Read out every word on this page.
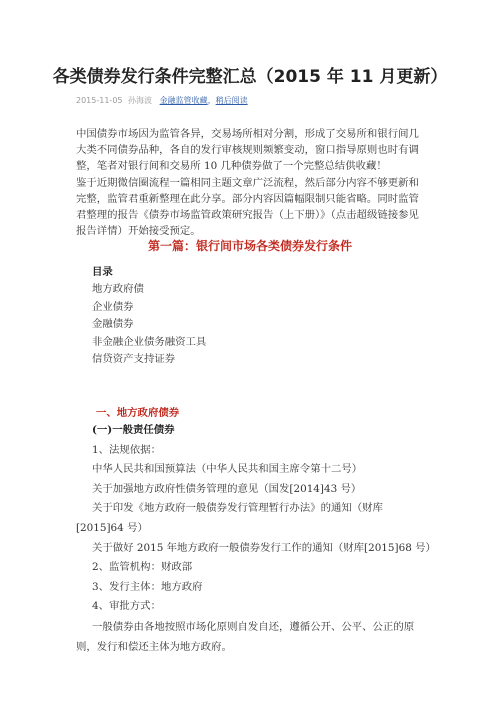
各类债券发行条件完整汇总（2015 年 11 月更新）
2015-11-05 孙海波 金融监管收藏，稍后阅读

中国债券市场因为监管各异，交易场所相对分割，形成了交易所和银行间几大类不同债券品种，各自的发行审核规则频繁变动，窗口指导原则也时有调整，笔者对银行间和交易所 10 几种债券做了一个完整总结供收藏！

鉴于近期微信圈流程一篇相同主题文章广泛流程，然后部分内容不够更新和完整，监管君重新整理在此分享。部分内容因篇幅限制只能省略。同时监管君整理的报告《债券市场监管政策研究报告（上下册）》（点击超级链接参见报告详情）开始接受预定。

第一篇：银行间市场各类债券发行条件
目录
地方政府债
企业债券
金融债券
非金融企业债务融资工具
信贷资产支持证券
一、地方政府债券
(一)一般责任债券
1、法规依据：
中华人民共和国预算法（中华人民共和国主席令第十二号）
关于加强地方政府性债务管理的意见（国发[2014]43 号）
关于印发《地方政府一般债券发行管理暂行办法》的通知（财库[2015]64 号）
关于做好 2015 年地方政府一般债券发行工作的通知（财库[2015]68 号）
2、监管机构：财政部
3、发行主体：地方政府
4、审批方式：
一般债券由各地按照市场化原则自发自还，遵循公开、公平、公正的原则，发行和偿还主体为地方政府。
